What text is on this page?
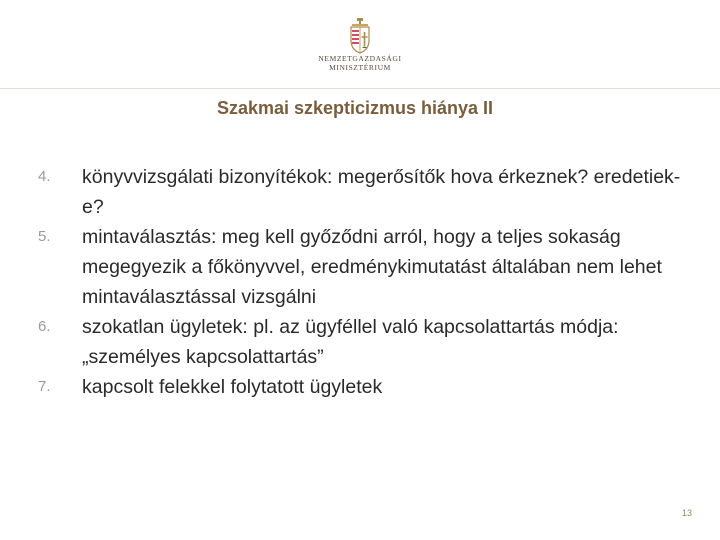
NEMZETGAZDASÁGI
MINISZTÉRIUM
Szakmai szkepticizmus hiánya II
4.	könyvvizsgálati bizonyítékok: megerősítők hova érkeznek? eredetiek-e?
5.	mintaválasztás: meg kell győződni arról, hogy a teljes sokaság megegyezik a főkönyvvel, eredménykimutatást általában nem lehet mintaválasztással vizsgálni
6.	szokatlan ügyletek: pl. az ügyféllel való kapcsolattartás módja: „személyes kapcsolattartás”
7.	kapcsolt felekkel folytatott ügyletek
13
